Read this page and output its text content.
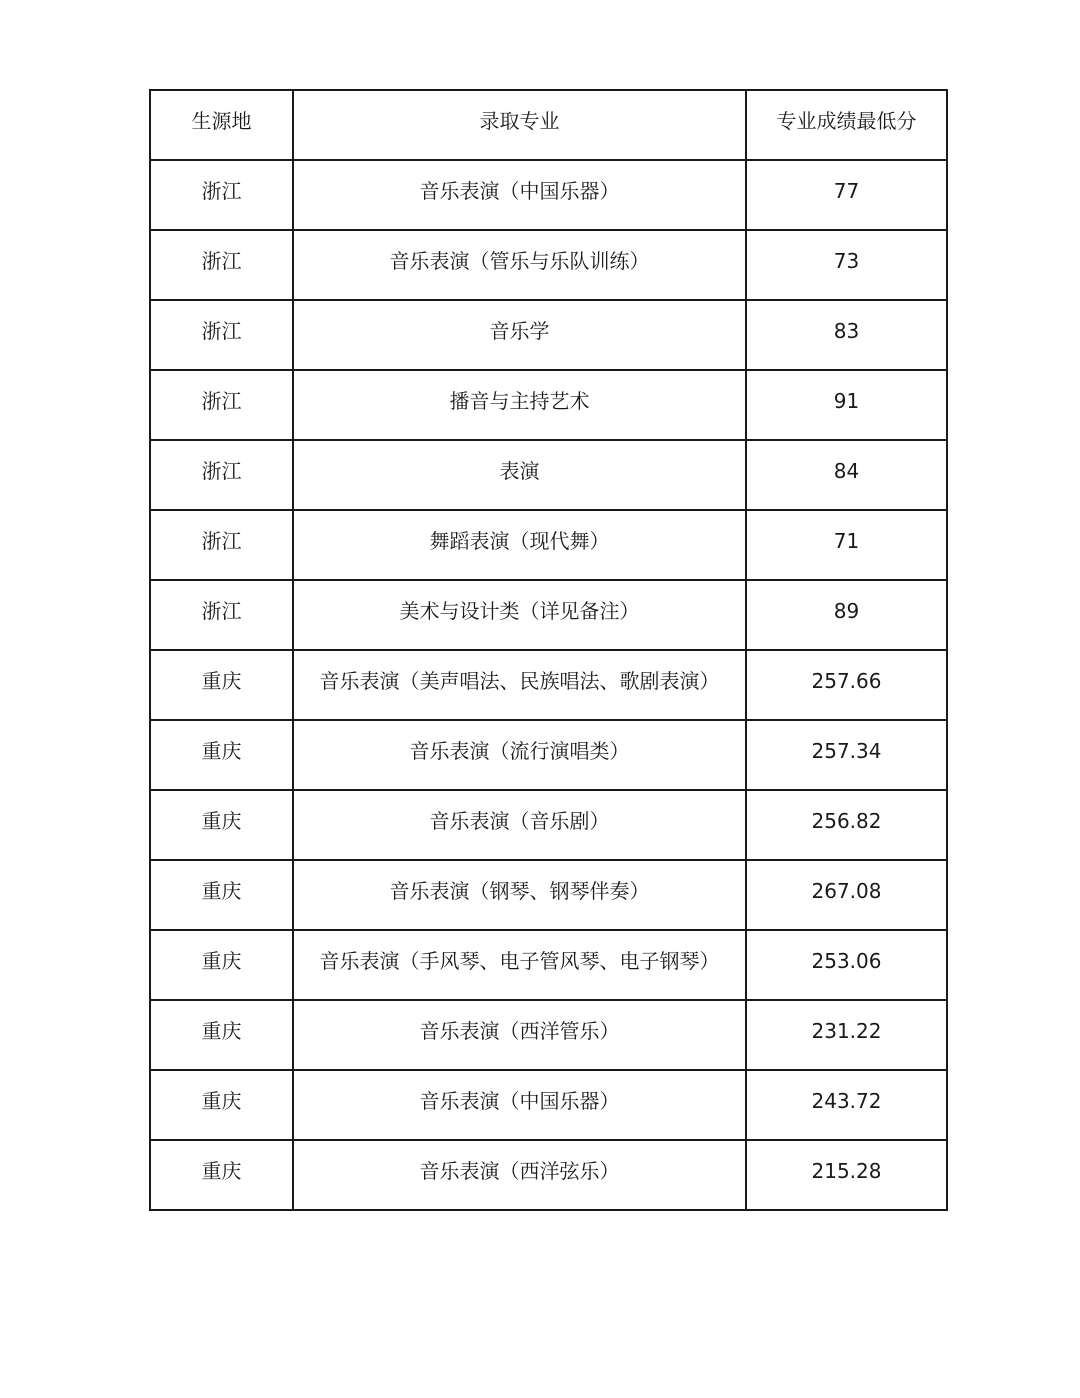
生源地	录取专业	专业成绩最低分
浙江	音乐表演（中国乐器）	77
浙江	音乐表演（管乐与乐队训练）	73
浙江	音乐学	83
浙江	播音与主持艺术	91
浙江	表演	84
浙江	舞蹈表演（现代舞）	71
浙江	美术与设计类（详见备注）	89
重庆	音乐表演（美声唱法、民族唱法、歌剧表演）	257.66
重庆	音乐表演（流行演唱类）	257.34
重庆	音乐表演（音乐剧）	256.82
重庆	音乐表演（钢琴、钢琴伴奏）	267.08
重庆	音乐表演（手风琴、电子管风琴、电子钢琴）	253.06
重庆	音乐表演（西洋管乐）	231.22
重庆	音乐表演（中国乐器）	243.72
重庆	音乐表演（西洋弦乐）	215.28
